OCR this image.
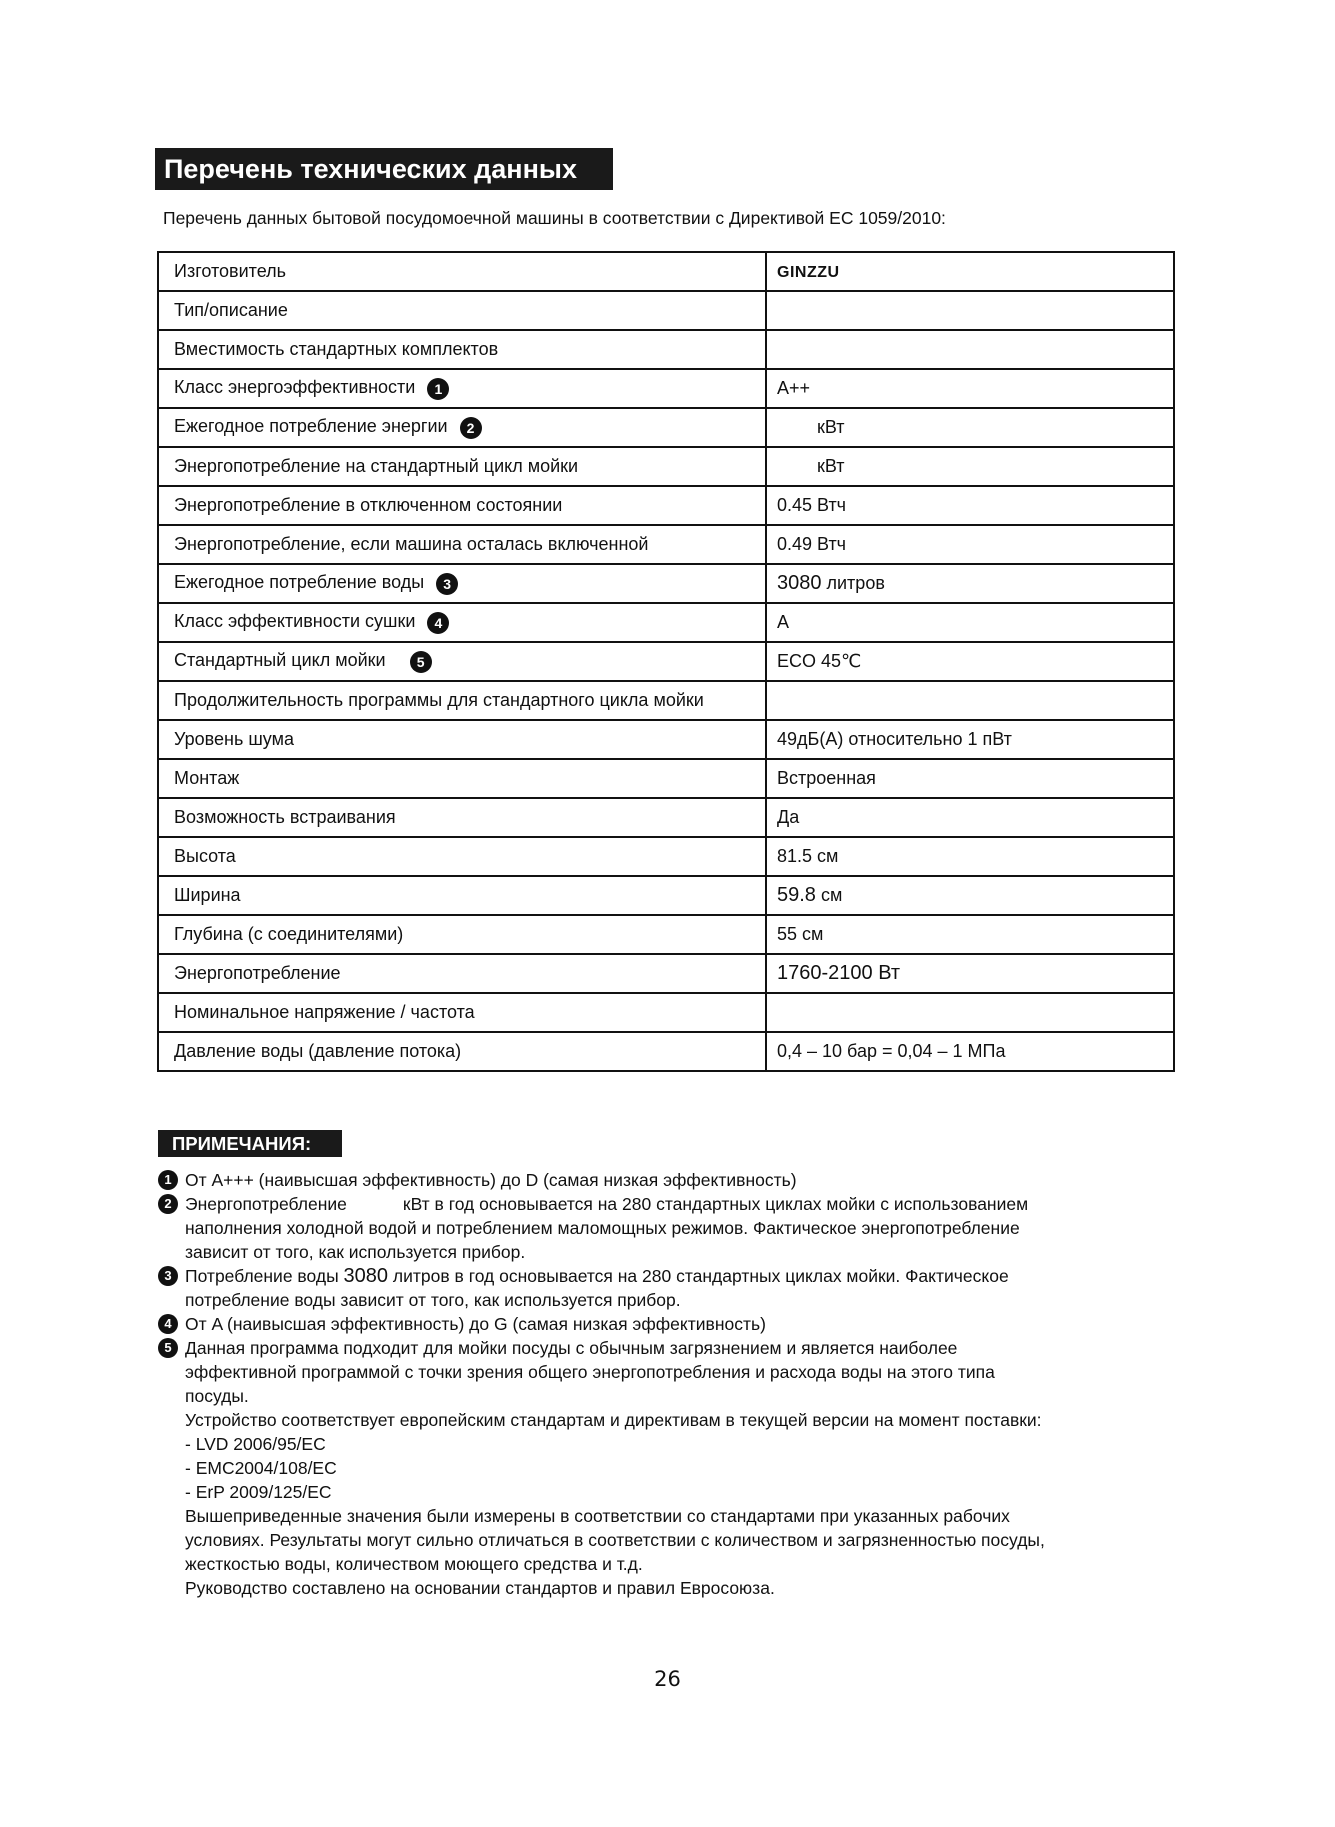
Перечень технических данных
Перечень данных бытовой посудомоечной машины в соответствии с Директивой ЕС 1059/2010:
Изготовитель	GINZZU
Тип/описание	
Вместимость стандартных комплектов	
Класс энергоэффективности 1	A++
Ежегодное потребление энергии 2	кВт
Энергопотребление на стандартный цикл мойки	кВт
Энергопотребление в отключенном состоянии	0.45 Втч
Энергопотребление, если машина осталась включенной	0.49 Втч
Ежегодное потребление воды 3	3080 литров
Класс эффективности сушки 4	A
Стандартный цикл мойки 5	ECO 45℃
Продолжительность программы для стандартного цикла мойки	
Уровень шума	49дБ(А) относительно 1 пВт
Монтаж	Встроенная
Возможность встраивания	Да
Высота	81.5 см
Ширина	59.8 см
Глубина (с соединителями)	55 см
Энергопотребление	1760-2100 Вт
Номинальное напряжение / частота	
Давление воды (давление потока)	0,4 – 10 бар = 0,04 – 1 МПа
ПРИМЕЧАНИЯ:
1 От A+++ (наивысшая эффективность) до D (самая низкая эффективность)
2 Энергопотребление	кВт в год основывается на 280 стандартных циклах мойки с использованием
наполнения холодной водой и потреблением маломощных режимов. Фактическое энергопотребление
зависит от того, как используется прибор.
3 Потребление воды 3080 литров в год основывается на 280 стандартных циклах мойки. Фактическое
потребление воды зависит от того, как используется прибор.
4 От A (наивысшая эффективность) до G (самая низкая эффективность)
5 Данная программа подходит для мойки посуды с обычным загрязнением и является наиболее
эффективной программой с точки зрения общего энергопотребления и расхода воды на этого типа
посуды.
Устройство соответствует европейским стандартам и директивам в текущей версии на момент поставки:
- LVD 2006/95/EC
- EMC2004/108/EC
- ErP 2009/125/EC
Вышеприведенные значения были измерены в соответствии со стандартами при указанных рабочих
условиях. Результаты могут сильно отличаться в соответствии с количеством и загрязненностью посуды,
жесткостью воды, количеством моющего средства и т.д.
Руководство составлено на основании стандартов и правил Евросоюза.
26
